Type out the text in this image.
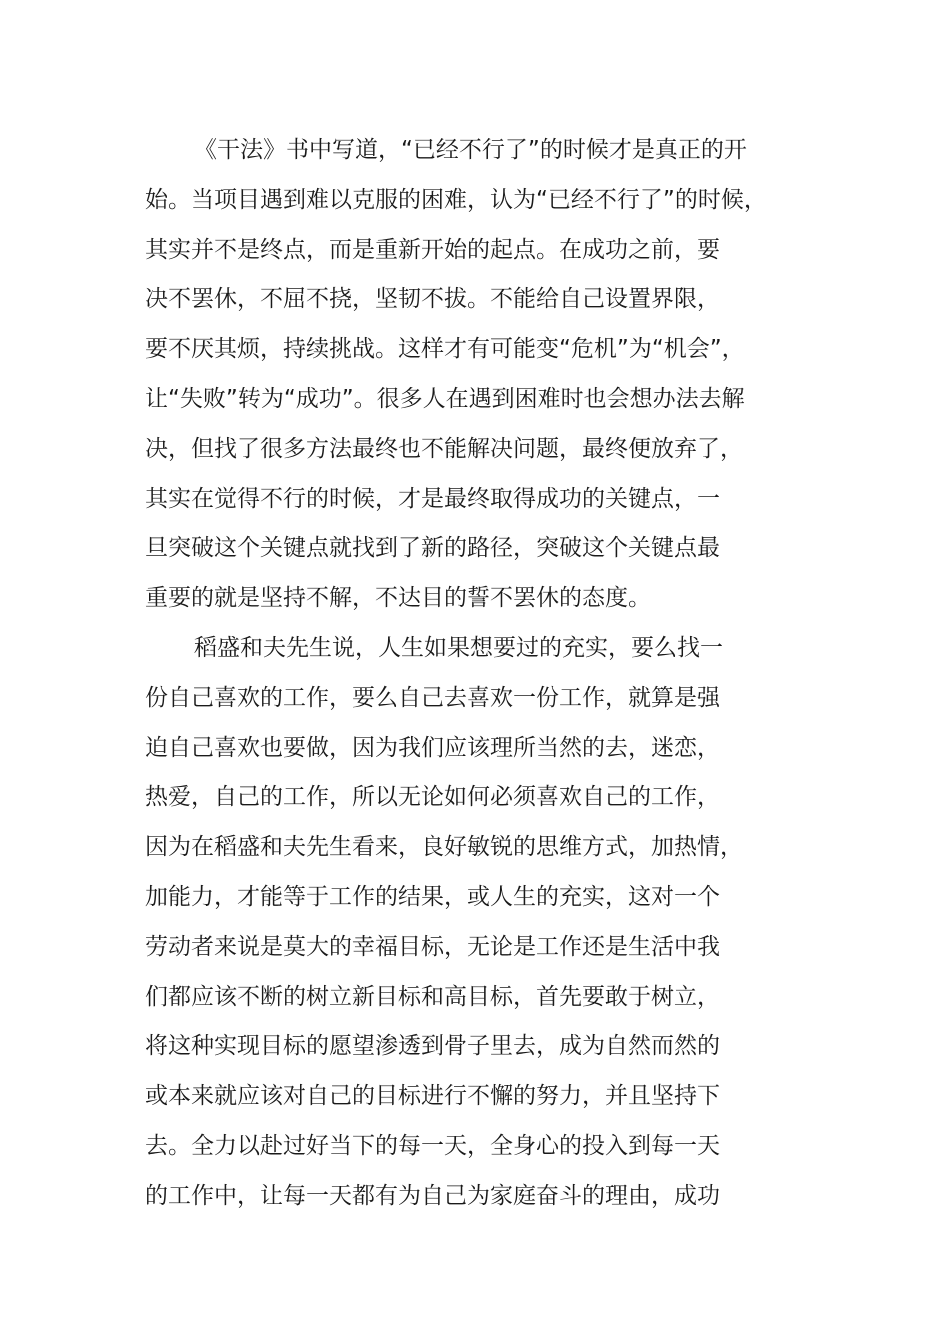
《干法》书中写道，“已经不行了”的时候才是真正的开
始。当项目遇到难以克服的困难，认为“已经不行了”的时候，
其实并不是终点，而是重新开始的起点。在成功之前，要
决不罢休，不屈不挠，坚韧不拔。不能给自己设置界限，
要不厌其烦，持续挑战。这样才有可能变“危机”为“机会”，
让“失败”转为“成功”。很多人在遇到困难时也会想办法去解
决，但找了很多方法最终也不能解决问题，最终便放弃了，
其实在觉得不行的时候，才是最终取得成功的关键点，一
旦突破这个关键点就找到了新的路径，突破这个关键点最
重要的就是坚持不解，不达目的誓不罢休的态度。
稻盛和夫先生说，人生如果想要过的充实，要么找一
份自己喜欢的工作，要么自己去喜欢一份工作，就算是强
迫自己喜欢也要做，因为我们应该理所当然的去，迷恋，
热爱，自己的工作，所以无论如何必须喜欢自己的工作，
因为在稻盛和夫先生看来，良好敏锐的思维方式，加热情，
加能力，才能等于工作的结果，或人生的充实，这对一个
劳动者来说是莫大的幸福目标，无论是工作还是生活中我
们都应该不断的树立新目标和高目标，首先要敢于树立，
将这种实现目标的愿望渗透到骨子里去，成为自然而然的
或本来就应该对自己的目标进行不懈的努力，并且坚持下
去。全力以赴过好当下的每一天，全身心的投入到每一天
的工作中，让每一天都有为自己为家庭奋斗的理由，成功
